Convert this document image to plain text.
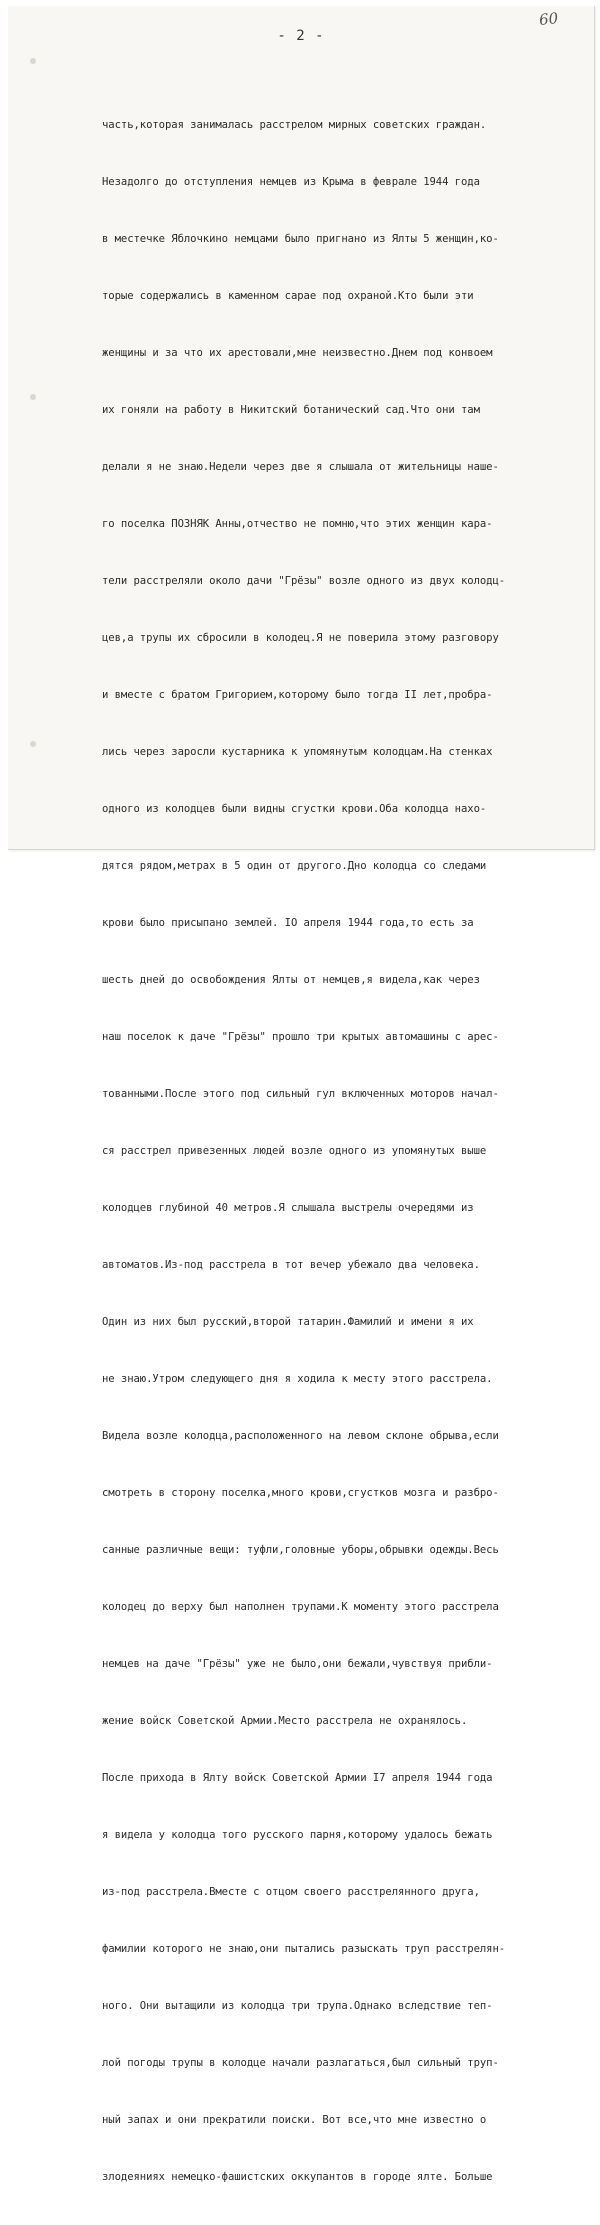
60
- 2 -

часть,которая занималась расстрелом мирных советских граждан.

Незадолго до отступления немцев из Крыма в феврале 1944 года

в местечке Яблочкино немцами было пригнано из Ялты 5 женщин,ко-

торые содержались в каменном сарае под охраной.Кто были эти

женщины и за что их арестовали,мне неизвестно.Днем под конвоем

их гоняли на работу в Никитский ботанический сад.Что они там

делали я не знаю.Недели через две я слышала от жительницы наше-

го поселка ПОЗНЯК Анны,отчество не помню,что этих женщин кара-

тели расстреляли около дачи "Грёзы" возле одного из двух колодц-

цев,а трупы их сбросили в колодец.Я не поверила этому разговору

и вместе с братом Григорием,которому было тогда II лет,пробра-

лись через заросли кустарника к упомянутым колодцам.На стенках

одного из колодцев были видны сгустки крови.Оба колодца нахо-

дятся рядом,метрах в 5 один от другого.Дно колодца со следами

крови было присыпано землей. IO апреля 1944 года,то есть за

шесть дней до освобождения Ялты от немцев,я видела,как через

наш поселок к даче "Грёзы" прошло три крытых автомашины с арес-

тованными.После этого под сильный гул включенных моторов начал-

ся расстрел привезенных людей возле одного из упомянутых выше

колодцев глубиной 40 метров.Я слышала выстрелы очередями из

автоматов.Из-под расстрела в тот вечер убежало два человека.

Один из них был русский,второй татарин.Фамилий и имени я их

не знаю.Утром следующего дня я ходила к месту этого расстрела.

Видела возле колодца,расположенного на левом склоне обрыва,если

смотреть в сторону поселка,много крови,сгустков мозга и разбро-

санные различные вещи: туфли,головные уборы,обрывки одежды.Весь

колодец до верху был наполнен трупами.К моменту этого расстрела

немцев на даче "Грёзы" уже не было,они бежали,чувствуя прибли-

жение войск Советской Армии.Место расстрела не охранялось.

После прихода в Ялту войск Советской Армии I7 апреля 1944 года

я видела у колодца того русского парня,которому удалось бежать

из-под расстрела.Вместе с отцом своего расстрелянного друга,

фамилии которого не знаю,они пытались разыскать труп расстрелян-

ного. Они вытащили из колодца три трупа.Однако вследствие теп-

лой погоды трупы в колодце начали разлагаться,был сильный труп-

ный запах и они прекратили поиски. Вот все,что мне известно о

злодеяниях немецко-фашистских оккупантов в городе ялте. Больше
